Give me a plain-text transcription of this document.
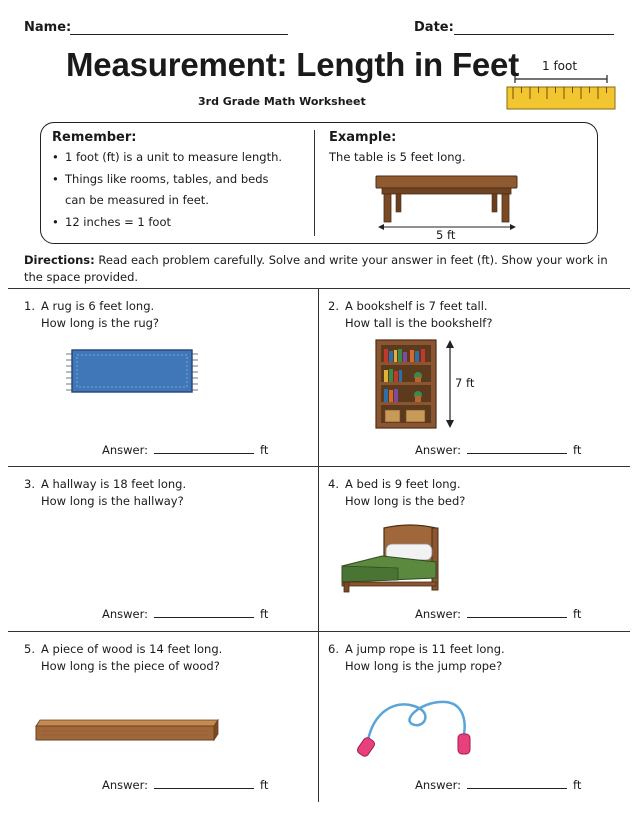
Name:	Date:
Measurement: Length in Feet
3rd Grade Math Worksheet
1 foot
Remember:
• 1 foot (ft) is a unit to measure length.
• Things like rooms, tables, and beds can be measured in feet.
• 12 inches = 1 foot
Example:
The table is 5 feet long.
5 ft
Directions: Read each problem carefully. Solve and write your answer in feet (ft). Show your work in the space provided.
1. A rug is 6 feet long.
How long is the rug?
Answer:	ft
2. A bookshelf is 7 feet tall.
How tall is the bookshelf?
7 ft
Answer:	ft
3. A hallway is 18 feet long.
How long is the hallway?
Answer:	ft
4. A bed is 9 feet long.
How long is the bed?
Answer:	ft
5. A piece of wood is 14 feet long.
How long is the piece of wood?
Answer:	ft
6. A jump rope is 11 feet long.
How long is the jump rope?
Answer:	ft
